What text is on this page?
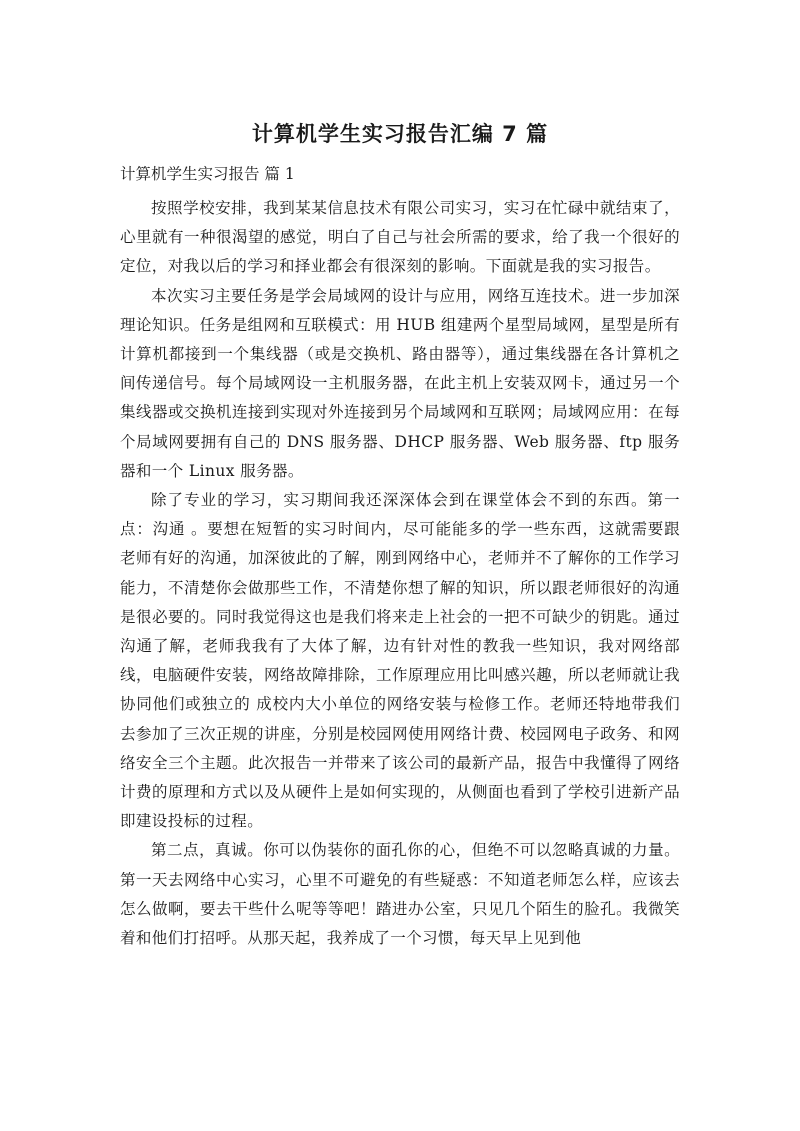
计算机学生实习报告汇编 7 篇
计算机学生实习报告 篇 1

按照学校安排，我到某某信息技术有限公司实习，实习在忙碌中就结束了，心里就有一种很渴望的感觉，明白了自己与社会所需的要求，给了我一个很好的定位，对我以后的学习和择业都会有很深刻的影响。下面就是我的实习报告。

本次实习主要任务是学会局域网的设计与应用，网络互连技术。进一步加深理论知识。任务是组网和互联模式：用 HUB 组建两个星型局域网，星型是所有计算机都接到一个集线器（或是交换机、路由器等），通过集线器在各计算机之间传递信号。每个局域网设一主机服务器，在此主机上安装双网卡，通过另一个集线器或交换机连接到实现对外连接到另个局域网和互联网；局域网应用：在每个局域网要拥有自己的 DNS 服务器、DHCP 服务器、Web 服务器、ftp 服务器和一个 Linux 服务器。

除了专业的学习，实习期间我还深深体会到在课堂体会不到的东西。第一点：沟通 。要想在短暂的实习时间内，尽可能能多的学一些东西，这就需要跟老师有好的沟通，加深彼此的了解，刚到网络中心，老师并不了解你的工作学习能力，不清楚你会做那些工作，不清楚你想了解的知识，所以跟老师很好的沟通是很必要的。同时我觉得这也是我们将来走上社会的一把不可缺少的钥匙。通过沟通了解，老师我我有了大体了解，边有针对性的教我一些知识，我对网络部线，电脑硬件安装，网络故障排除，工作原理应用比叫感兴趣，所以老师就让我协同他们或独立的 成校内大小单位的网络安装与检修工作。老师还特地带我们去参加了三次正规的讲座，分别是校园网使用网络计费、校园网电子政务、和网络安全三个主题。此次报告一并带来了该公司的最新产品，报告中我懂得了网络计费的原理和方式以及从硬件上是如何实现的，从侧面也看到了学校引进新产品即建设投标的过程。

第二点，真诚。你可以伪装你的面孔你的心，但绝不可以忽略真诚的力量。第一天去网络中心实习，心里不可避免的有些疑惑：不知道老师怎么样，应该去怎么做啊，要去干些什么呢等等吧！踏进办公室，只见几个陌生的脸孔。我微笑着和他们打招呼。从那天起，我养成了一个习惯，每天早上见到他
